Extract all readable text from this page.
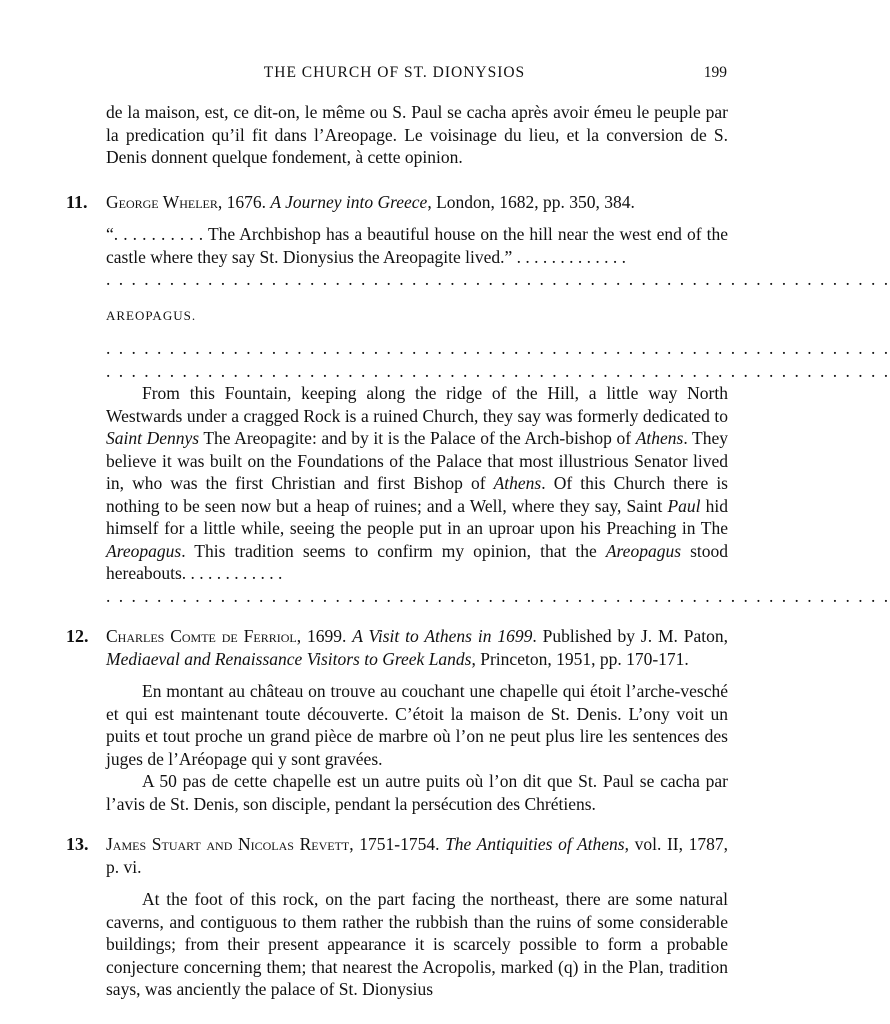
THE CHURCH OF ST. DIONYSIOS	199

de la maison, est, ce dit-on, le même ou S. Paul se cacha après avoir émeu le peuple par la predication qu’il fit dans l’Areopage. Le voisinage du lieu, et la conversion de S. Denis donnent quelque fondement, à cette opinion.

11. George Wheler, 1676. A Journey into Greece, London, 1682, pp. 350, 384.

“. . . . . . . . . . The Archbishop has a beautiful house on the hill near the west end of the castle where they say St. Dionysius the Areopagite lived.” . . . . . . . . . . . . .

. . . . . . . . . . . . . . . . . . . . . . . . . . . . . . . . . . . . . . . . . . . . . . . . . . . . . . . . . . . . . .
AREOPAGUS.
. . . . . . . . . . . . . . . . . . . . . . . . . . . . . . . . . . . . . . . . . . . . . . . . . . . . . . . . . . . . . .
. . . . . . . . . . . . . . . . . . . . . . . . . . . . . . . . . . . . . . . . . . . . . . . . . . . . . . . . . . . . . .

From this Fountain, keeping along the ridge of the Hill, a little way North Westwards under a cragged Rock is a ruined Church, they say was formerly dedicated to Saint Dennys The Areopagite: and by it is the Palace of the Arch-bishop of Athens. They believe it was built on the Foundations of the Palace that most illustrious Senator lived in, who was the first Christian and first Bishop of Athens. Of this Church there is nothing to be seen now but a heap of ruines; and a Well, where they say, Saint Paul hid himself for a little while, seeing the people put in an uproar upon his Preaching in The Areopagus. This tradition seems to confirm my opinion, that the Areopagus stood hereabouts. . . . . . . . . . . .

. . . . . . . . . . . . . . . . . . . . . . . . . . . . . . . . . . . . . . . . . . . . . . . . . . . . . . . . . . . . . .
12. Charles Comte de Ferriol, 1699. A Visit to Athens in 1699. Published by J. M. Paton, Mediaeval and Renaissance Visitors to Greek Lands, Princeton, 1951, pp. 170-171.

En montant au château on trouve au couchant une chapelle qui étoit l’arche-vesché et qui est maintenant toute découverte. C’étoit la maison de St. Denis. L’ony voit un puits et tout proche un grand pièce de marbre où l’on ne peut plus lire les sentences des juges de l’Aréopage qui y sont gravées.

A 50 pas de cette chapelle est un autre puits où l’on dit que St. Paul se cacha par l’avis de St. Denis, son disciple, pendant la persécution des Chrétiens.

13. James Stuart and Nicolas Revett, 1751-1754. The Antiquities of Athens, vol. II, 1787, p. vi.

At the foot of this rock, on the part facing the northeast, there are some natural caverns, and contiguous to them rather the rubbish than the ruins of some considerable buildings; from their present appearance it is scarcely possible to form a probable conjecture concerning them; that nearest the Acropolis, marked (q) in the Plan, tradition says, was anciently the palace of St. Dionysius
